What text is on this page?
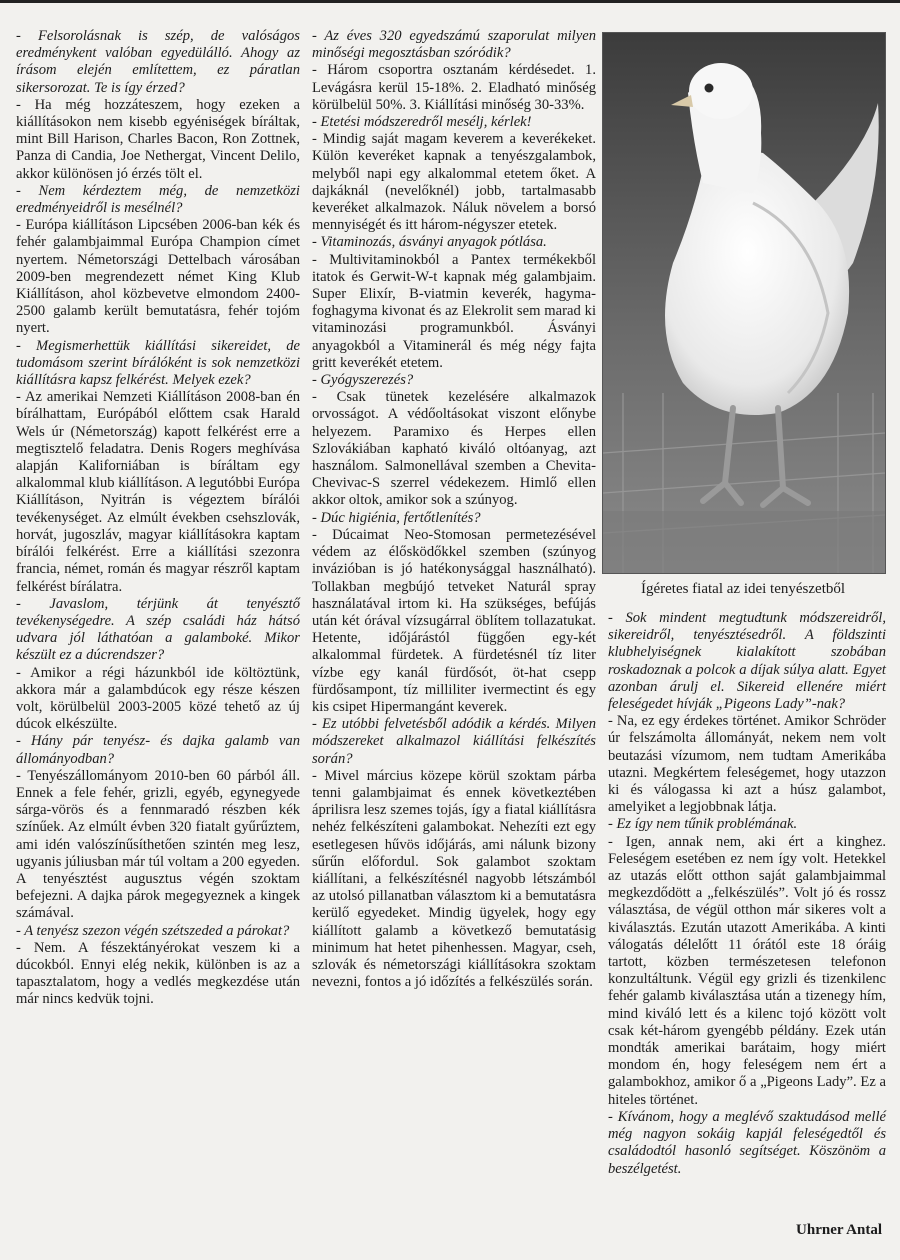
- Felsorolásnak is szép, de valóságos eredménykent valóban egyedülálló. Ahogy az írásom elején említettem, ez páratlan sikersorozat. Te is így érzed?

- Ha még hozzáteszem, hogy ezeken a kiállításokon nem kisebb egyéniségek bíráltak, mint Bill Harison, Charles Bacon, Ron Zottnek, Panza di Candia, Joe Nethergat, Vincent Delilo, akkor különösen jó érzés tölt el.

- Nem kérdeztem még, de nemzetközi eredményeidről is mesélnél?

- Európa kiállításon Lipcsében 2006-ban kék és fehér galambjaimmal Európa Champion címet nyertem. Németországi Dettelbach városában 2009-ben megrendezett német King Klub Kiállításon, ahol közbevetve elmondom 2400-2500 galamb került bemutatásra, fehér tojóm nyert.

- Megismerhettük kiállítási sikereidet, de tudomásom szerint bírálóként is sok nemzetközi kiállításra kapsz felkérést. Melyek ezek?

- Az amerikai Nemzeti Kiállításon 2008-ban én bírálhattam, Európából előttem csak Harald Wels úr (Németország) kapott felkérést erre a megtisztelő feladatra. Denis Rogers meghívása alapján Kaliforniában is bíráltam egy alkalommal klub kiállításon. A legutóbbi Európa Kiállításon, Nyitrán is végeztem bírálói tevékenységet. Az elmúlt években csehszlovák, horvát, jugoszláv, magyar kiállításokra kaptam bírálói felkérést. Erre a kiállítási szezonra francia, német, román és magyar részről kaptam felkérést bírálatra.

- Javaslom, térjünk át tenyésztő tevékenységedre. A szép családi ház hátsó udvara jól láthatóan a galamboké. Mikor készült ez a dúcrendszer?

- Amikor a régi házunkból ide költöztünk, akkora már a galambdúcok egy része készen volt, körülbelül 2003-2005 közé tehető az új dúcok elkészülte.

- Hány pár tenyész- és dajka galamb van állományodban?

- Tenyészállományom 2010-ben 60 párból áll. Ennek a fele fehér, grizli, egyéb, egynegyede sárga-vörös és a fennmaradó részben kék színűek. Az elmúlt évben 320 fiatalt gyűrűztem, ami idén valószínűsíthetően szintén meg lesz, ugyanis júliusban már túl voltam a 200 egyeden. A tenyésztést augusztus végén szoktam befejezni. A dajka párok megegyeznek a kingek számával.

- A tenyész szezon végén szétszeded a párokat?

- Nem. A fészektányérokat veszem ki a dúcokból. Ennyi elég nekik, különben is az a tapasztalatom, hogy a vedlés megkezdése után már nincs kedvük tojni.

- Az éves 320 egyedszámú szaporulat milyen minőségi megosztásban szóródik?

- Három csoportra osztanám kérdésedet. 1. Levágásra kerül 15-18%. 2. Eladható minőség körülbelül 50%. 3. Kiállítási minőség 30-33%.

- Etetési módszeredről mesélj, kérlek!

- Mindig saját magam keverem a keverékeket. Külön keveréket kapnak a tenyészgalambok, melyből napi egy alkalommal etetem őket. A dajkáknál (nevelőknél) jobb, tartalmasabb keveréket alkalmazok. Náluk növelem a borsó mennyiségét és itt három-négyszer etetek.

- Vitaminozás, ásványi anyagok pótlása.

- Multivitaminokból a Pantex termékekből itatok és Gerwit-W-t kapnak még galambjaim. Super Elixír, B-viatmin keverék, hagyma-foghagyma kivonat és az Elekrolit sem marad ki vitaminozási programunkból. Ásványi anyagokból a Vitaminerál és még négy fajta gritt keverékét etetem.

- Gyógyszerezés?

- Csak tünetek kezelésére alkalmazok orvosságot. A védőoltásokat viszont előnybe helyezem. Paramixo és Herpes ellen Szlovákiában kapható kiváló oltóanyag, azt használom. Salmonellával szemben a Chevita-Chevivac-S szerrel védekezem. Himlő ellen akkor oltok, amikor sok a szúnyog.

- Dúc higiénia, fertőtlenítés?

- Dúcaimat Neo-Stomosan permetezésével védem az élősködőkkel szemben (szúnyog invázióban is jó hatékonysággal használható). Tollakban megbújó tetveket Naturál spray használatával irtom ki. Ha szükséges, befújás után két órával vízsugárral öblítem tollazatukat. Hetente, időjárástól függően egy-két alkalommal fürdetek. A fürdetésnél tíz liter vízbe egy kanál fürdősót, öt-hat csepp fürdősampont, tíz milliliter ivermectint és egy kis csipet Hipermangánt keverek.

- Ez utóbbi felvetésből adódik a kérdés. Milyen módszereket alkalmazol kiállítási felkészítés során?

- Mivel március közepe körül szoktam párba tenni galambjaimat és ennek következtében áprilisra lesz szemes tojás, így a fiatal kiállításra nehéz felkészíteni galambokat. Nehezíti ezt egy esetlegesen hűvös időjárás, ami nálunk bizony sűrűn előfordul. Sok galambot szoktam kiállítani, a felkészítésnél nagyobb létszámból az utolsó pillanatban választom ki a bemutatásra kerülő egyedeket. Mindig ügyelek, hogy egy kiállított galamb a következő bemutatásig minimum hat hetet pihenhessen. Magyar, cseh, szlovák és németországi kiállításokra szoktam nevezni, fontos a jó időzítés a felkészülés során.

Ígéretes fiatal az idei tenyészetből

- Sok mindent megtudtunk módszereidről, sikereidről, tenyésztésedről. A földszinti klubhelyiségnek kialakított szobában roskadoznak a polcok a díjak súlya alatt. Egyet azonban árulj el. Sikereid ellenére miért feleségedet hívják „Pigeons Lady”-nak?

- Na, ez egy érdekes történet. Amikor Schröder úr felszámolta állományát, nekem nem volt beutazási vízumom, nem tudtam Amerikába utazni. Megkértem feleségemet, hogy utazzon ki és válogassa ki azt a húsz galambot, amelyiket a legjobbnak látja.

- Ez így nem tűnik problémának.

- Igen, annak nem, aki ért a kinghez. Feleségem esetében ez nem így volt. Hetekkel az utazás előtt otthon saját galambjaimmal megkezdődött a „felkészülés”. Volt jó és rossz választása, de végül otthon már sikeres volt a kiválasztás. Ezután utazott Amerikába. A kinti válogatás délelőtt 11 órától este 18 óráig tartott, közben természetesen telefonon konzultáltunk. Végül egy grizli és tizenkilenc fehér galamb kiválasztása után a tizenegy hím, mind kiváló lett és a kilenc tojó között volt csak két-három gyengébb példány. Ezek után mondták amerikai barátaim, hogy miért mondom én, hogy feleségem nem ért a galambokhoz, amikor ő a „Pigeons Lady”. Ez a hiteles történet.

- Kívánom, hogy a meglévő szaktudásod mellé még nagyon sokáig kapjál feleségedtől és családodtól hasonló segítséget. Köszönöm a beszélgetést.

Uhrner Antal
